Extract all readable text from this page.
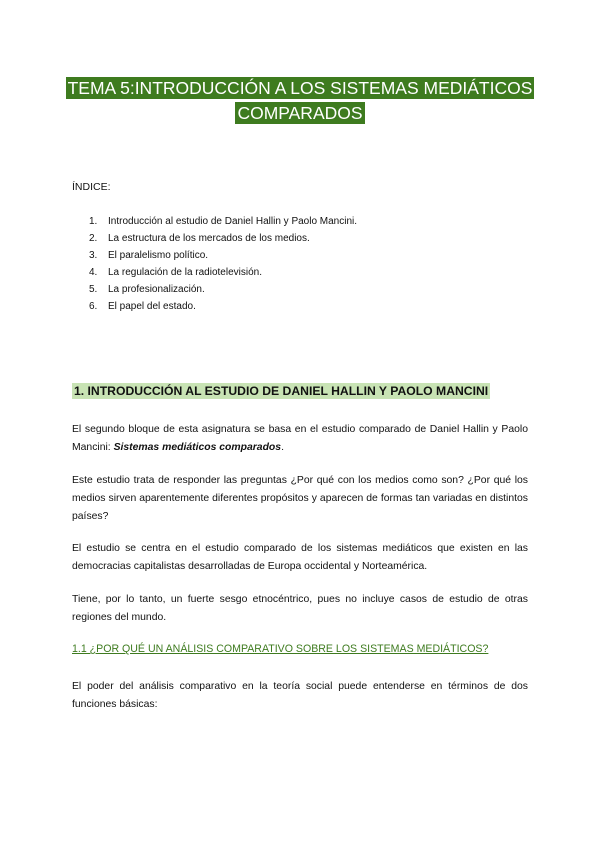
TEMA 5:INTRODUCCIÓN A LOS SISTEMAS MEDIÁTICOS
COMPARADOS
ÍNDICE:
1.	Introducción al estudio de Daniel Hallin y Paolo Mancini.
2.	La estructura de los mercados de los medios.
3.	El paralelismo político.
4.	La regulación de la radiotelevisión.
5.	La profesionalización.
6.	El papel del estado.
1. INTRODUCCIÓN AL ESTUDIO DE DANIEL HALLIN Y PAOLO MANCINI

El segundo bloque de esta asignatura se basa en el estudio comparado de Daniel Hallin y Paolo Mancini: Sistemas mediáticos comparados.

Este estudio trata de responder las preguntas ¿Por qué con los medios como son? ¿Por qué los medios sirven aparentemente diferentes propósitos y aparecen de formas tan variadas en distintos países?

El estudio se centra en el estudio comparado de los sistemas mediáticos que existen en las democracias capitalistas desarrolladas de Europa occidental y Norteamérica.

Tiene, por lo tanto, un fuerte sesgo etnocéntrico, pues no incluye casos de estudio de otras regiones del mundo.

1.1 ¿POR QUÉ UN ANÁLISIS COMPARATIVO SOBRE LOS SISTEMAS MEDIÁTICOS?

El poder del análisis comparativo en la teoría social puede entenderse en términos de dos funciones básicas:
